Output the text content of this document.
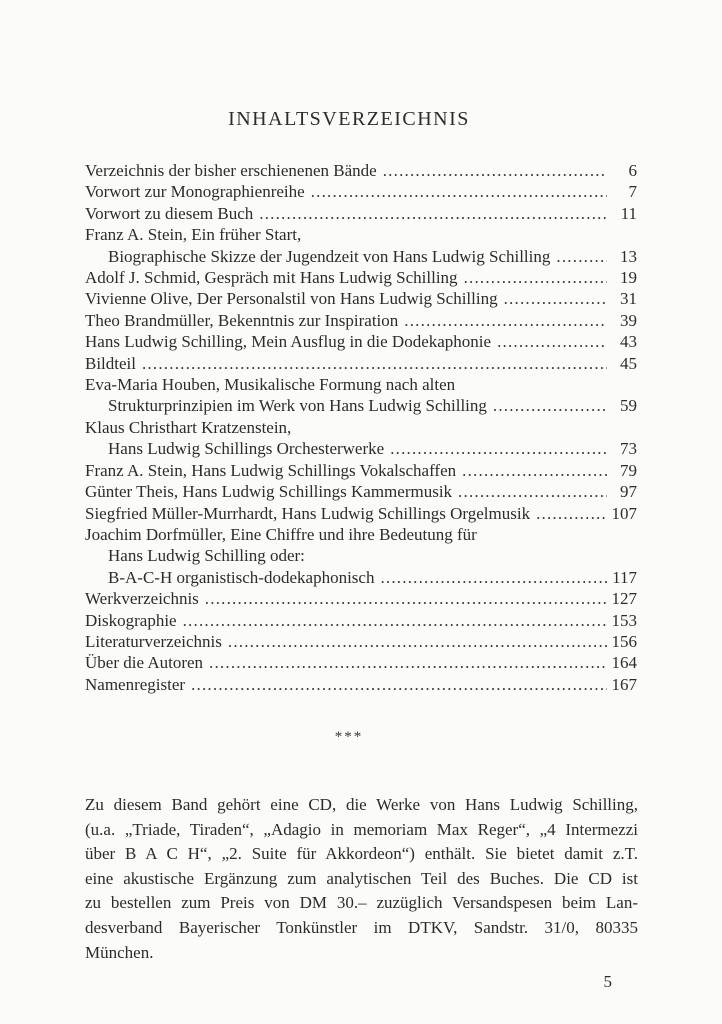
INHALTSVERZEICHNIS
Verzeichnis der bisher erschienenen Bände .....	6
Vorwort zur Monographienreihe .....	7
Vorwort zu diesem Buch .....	11
Franz A. Stein, Ein früher Start,
Biographische Skizze der Jugendzeit von Hans Ludwig Schilling .....	13
Adolf J. Schmid, Gespräch mit Hans Ludwig Schilling .....	19
Vivienne Olive, Der Personalstil von Hans Ludwig Schilling .....	31
Theo Brandmüller, Bekenntnis zur Inspiration .....	39
Hans Ludwig Schilling, Mein Ausflug in die Dodekaphonie .....	43
Bildteil .....	45
Eva-Maria Houben, Musikalische Formung nach alten
Strukturprinzipien im Werk von Hans Ludwig Schilling .....	59
Klaus Christhart Kratzenstein,
Hans Ludwig Schillings Orchesterwerke .....	73
Franz A. Stein, Hans Ludwig Schillings Vokalschaffen .....	79
Günter Theis, Hans Ludwig Schillings Kammermusik .....	97
Siegfried Müller-Murrhardt, Hans Ludwig Schillings Orgelmusik .....	107
Joachim Dorfmüller, Eine Chiffre und ihre Bedeutung für
Hans Ludwig Schilling oder:
B-A-C-H organistisch-dodekaphonisch .....	117
Werkverzeichnis .....	127
Diskographie .....	153
Literaturverzeichnis .....	156
Über die Autoren .....	164
Namenregister .....	167
***
Zu diesem Band gehört eine CD, die Werke von Hans Ludwig Schilling,
(u.a. „Triade, Tiraden“, „Adagio in memoriam Max Reger“, „4 Intermezzi
über B A C H“, „2. Suite für Akkordeon“) enthält. Sie bietet damit z.T.
eine akustische Ergänzung zum analytischen Teil des Buches. Die CD ist
zu bestellen zum Preis von DM 30.– zuzüglich Versandspesen beim Lan-
desverband Bayerischer Tonkünstler im DTKV, Sandstr. 31/0, 80335
München.
5
